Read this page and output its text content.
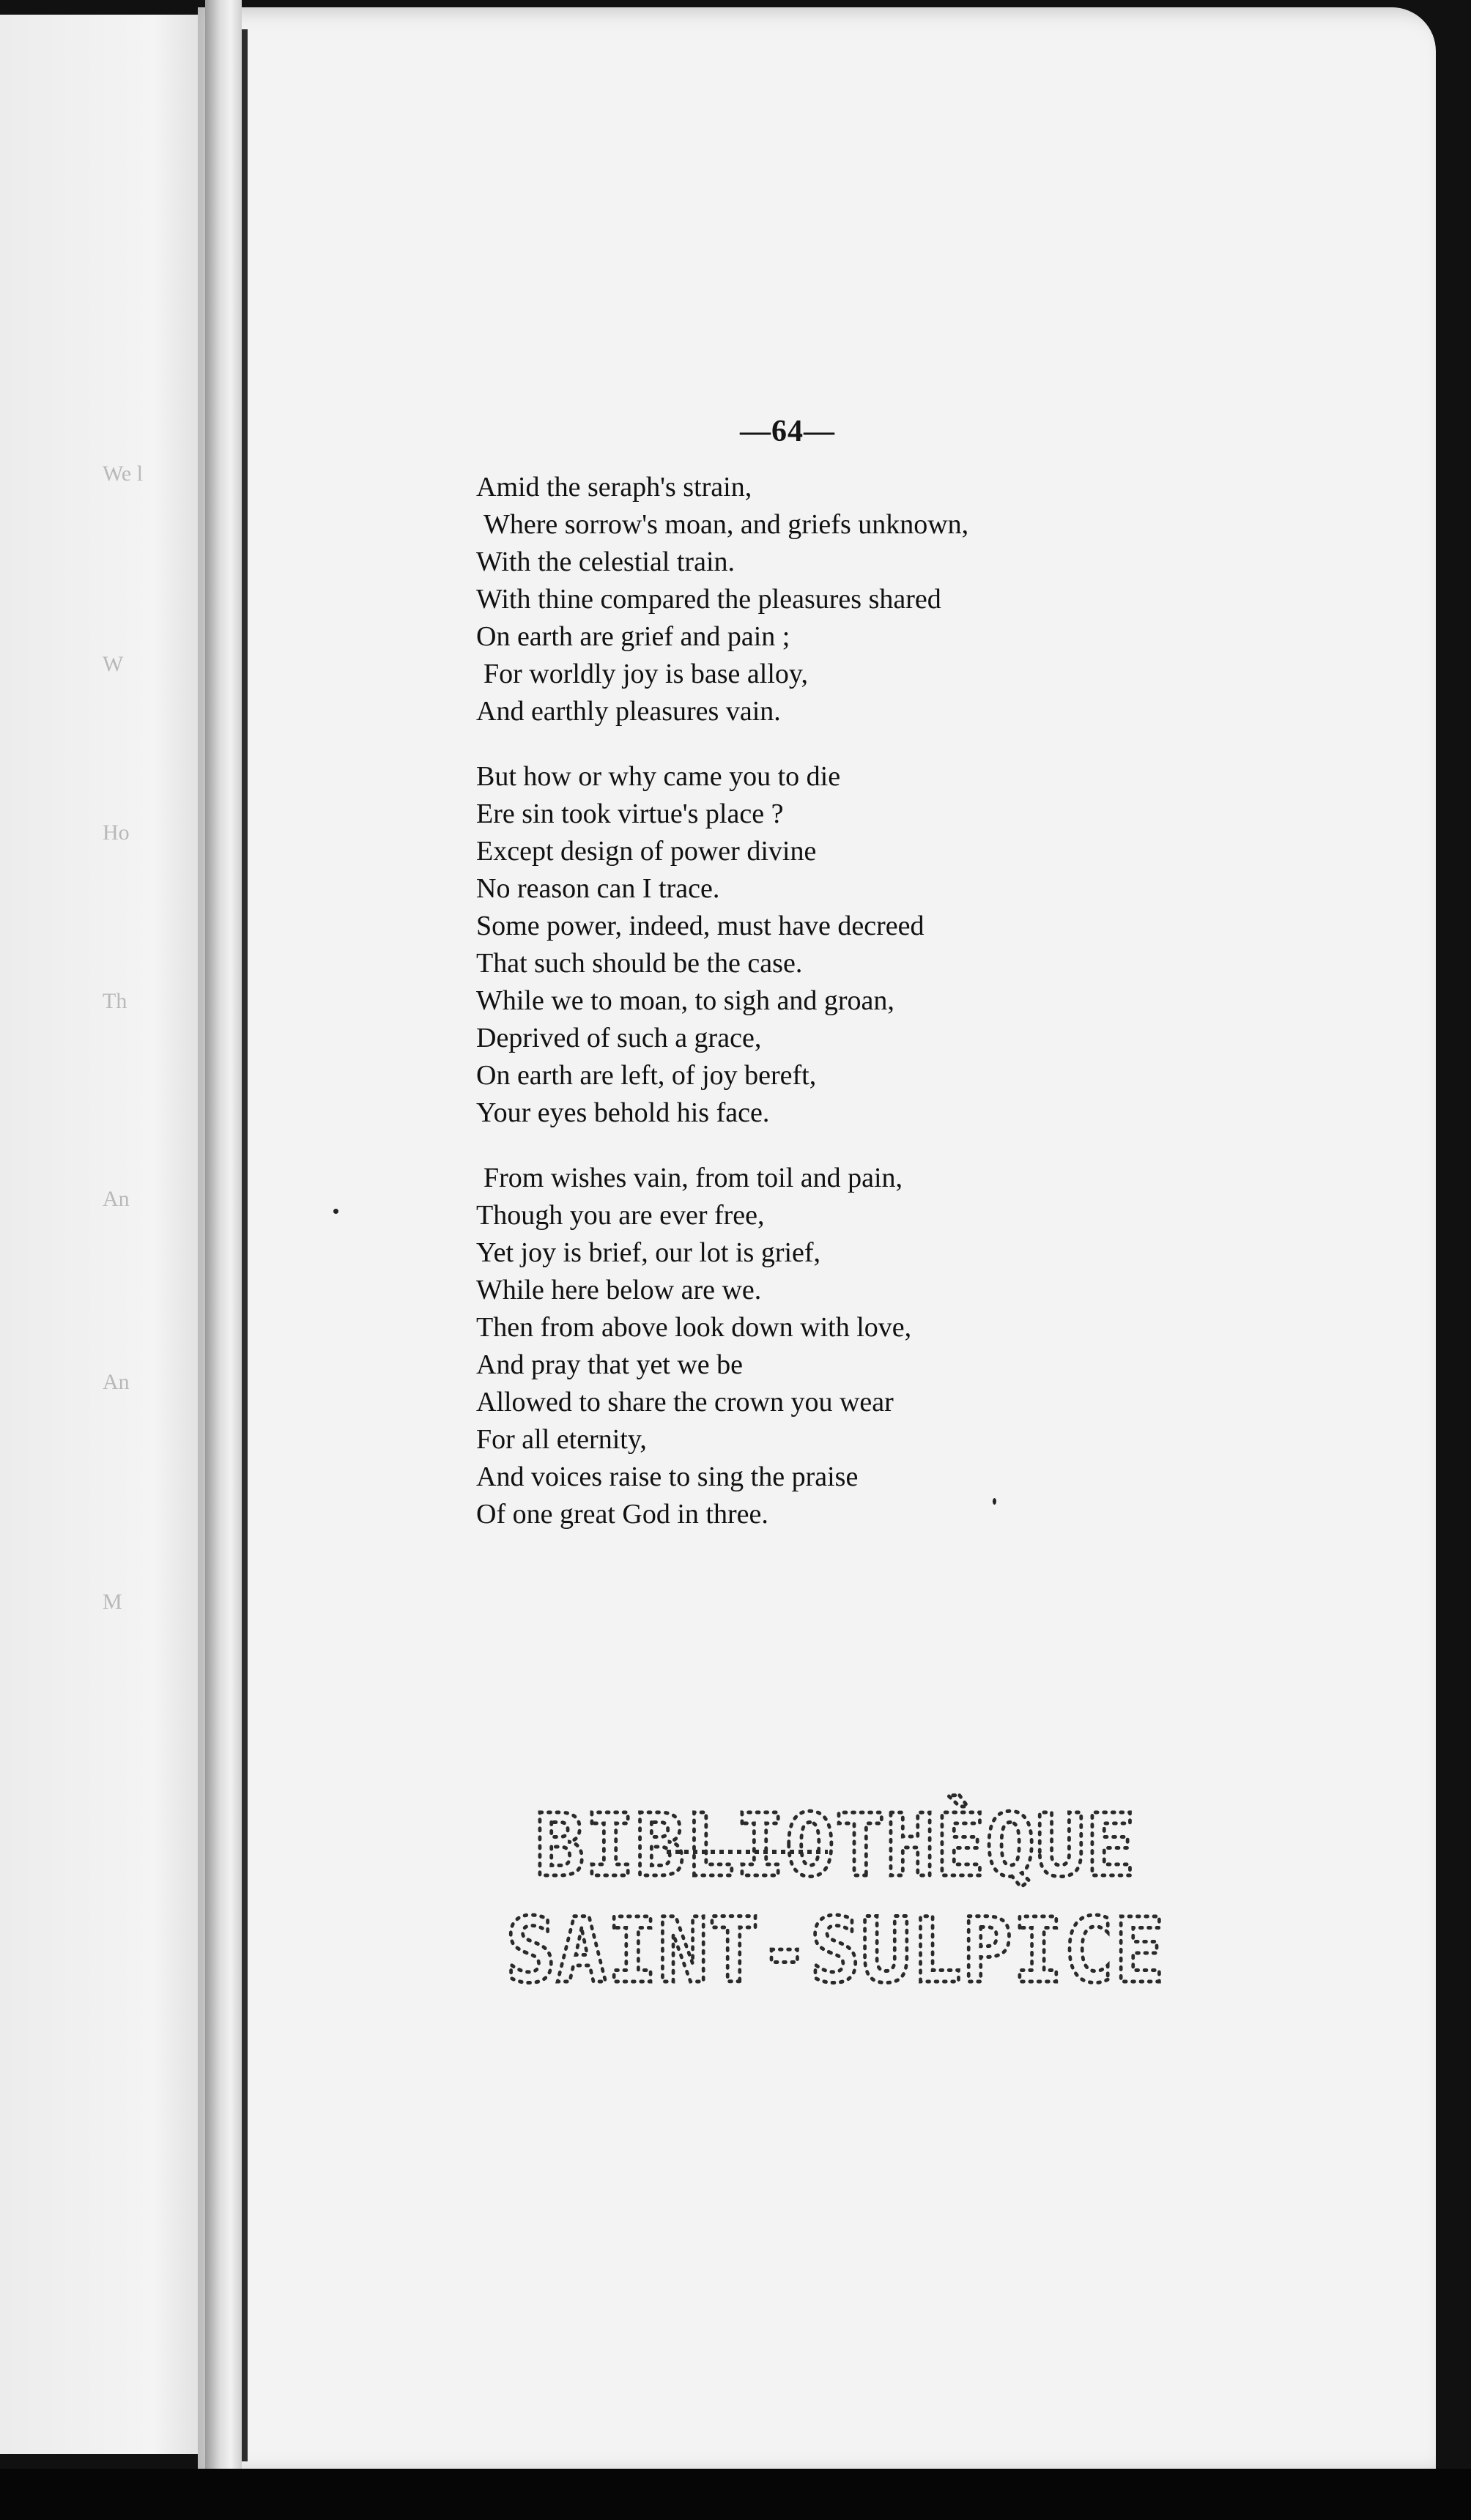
We l
W
Ho
Th
An
An
M
—64—
Amid the seraph's strain,
Where sorrow's moan, and griefs unknown,
With the celestial train.
With thine compared the pleasures shared
On earth are grief and pain ;
For worldly joy is base alloy,
And earthly pleasures vain.
But how or why came you to die
Ere sin took virtue's place ?
Except design of power divine
No reason can I trace.
Some power, indeed, must have decreed
That such should be the case.
While we to moan, to sigh and groan,
Deprived of such a grace,
On earth are left, of joy bereft,
Your eyes behold his face.
From wishes vain, from toil and pain,
Though you are ever free,
Yet joy is brief, our lot is grief,
While here below are we.
Then from above look down with love,
And pray that yet we be
Allowed to share the crown you wear
For all eternity,
And voices raise to sing the praise
Of one great God in three.
BIBLIOTHÈQUE
SAINT-SULPICE
